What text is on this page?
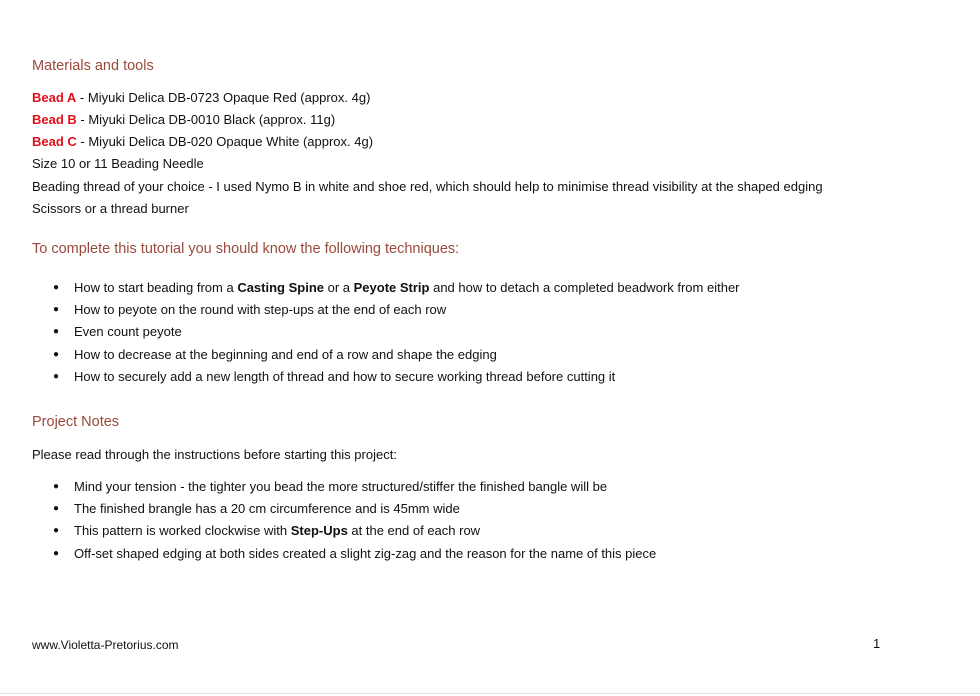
Materials and tools
Bead A - Miyuki Delica DB-0723 Opaque Red (approx. 4g)
Bead B - Miyuki Delica DB-0010 Black (approx. 11g)
Bead C - Miyuki Delica DB-020 Opaque White (approx. 4g)
Size 10 or 11 Beading Needle
Beading thread of your choice - I used Nymo B in white and shoe red, which should help to minimise thread visibility at the shaped edging
Scissors or a thread burner
To complete this tutorial you should know the following techniques:
● How to start beading from a Casting Spine or a Peyote Strip and how to detach a completed beadwork from either
● How to peyote on the round with step-ups at the end of each row
● Even count peyote
● How to decrease at the beginning and end of a row and shape the edging
● How to securely add a new length of thread and how to secure working thread before cutting it
Project Notes
Please read through the instructions before starting this project:
● Mind your tension - the tighter you bead the more structured/stiffer the finished bangle will be
● The finished brangle has a 20 cm circumference and is 45mm wide
● This pattern is worked clockwise with Step-Ups at the end of each row
● Off-set shaped edging at both sides created a slight zig-zag and the reason for the name of this piece
www.Violetta-Pretorius.com	1
